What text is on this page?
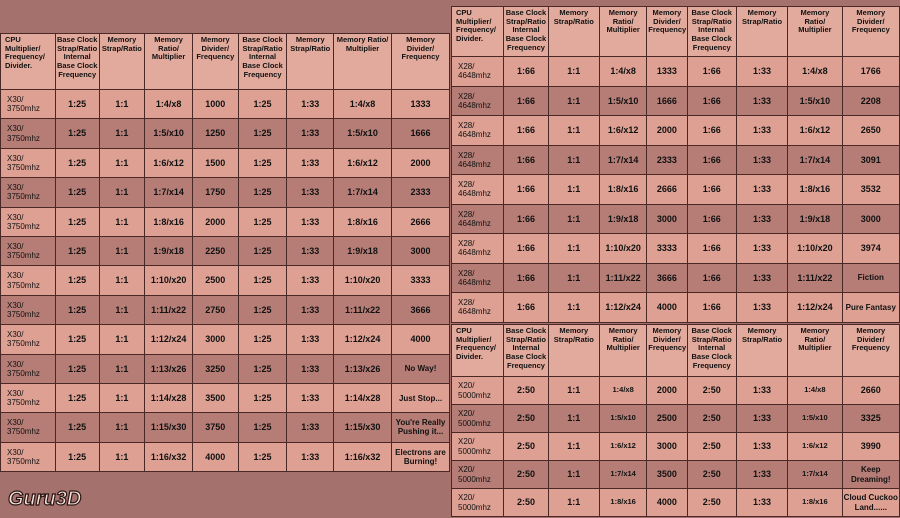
CPU Multiplier/ Frequency/ Divider.	Base Clock Strap/Ratio Internal Base Clock Frequency	Memory Strap/Ratio	Memory Ratio/ Multiplier	Memory Divider/ Frequency	Base Clock Strap/Ratio Internal Base Clock Frequency	Memory Strap/Ratio	Memory Ratio/ Multiplier	Memory Divider/ Frequency
X30/ 3750mhz	1:25	1:1	1:4/x8	1000	1:25	1:33	1:4/x8	1333
X30/ 3750mhz	1:25	1:1	1:5/x10	1250	1:25	1:33	1:5/x10	1666
X30/ 3750mhz	1:25	1:1	1:6/x12	1500	1:25	1:33	1:6/x12	2000
X30/ 3750mhz	1:25	1:1	1:7/x14	1750	1:25	1:33	1:7/x14	2333
X30/ 3750mhz	1:25	1:1	1:8/x16	2000	1:25	1:33	1:8/x16	2666
X30/ 3750mhz	1:25	1:1	1:9/x18	2250	1:25	1:33	1:9/x18	3000
X30/ 3750mhz	1:25	1:1	1:10/x20	2500	1:25	1:33	1:10/x20	3333
X30/ 3750mhz	1:25	1:1	1:11/x22	2750	1:25	1:33	1:11/x22	3666
X30/ 3750mhz	1:25	1:1	1:12/x24	3000	1:25	1:33	1:12/x24	4000
X30/ 3750mhz	1:25	1:1	1:13/x26	3250	1:25	1:33	1:13/x26	No Way!
X30/ 3750mhz	1:25	1:1	1:14/x28	3500	1:25	1:33	1:14/x28	Just Stop...
X30/ 3750mhz	1:25	1:1	1:15/x30	3750	1:25	1:33	1:15/x30	You're Really Pushing it...
X30/ 3750mhz	1:25	1:1	1:16/x32	4000	1:25	1:33	1:16/x32	Electrons are Burning!
CPU Multiplier/ Frequency/ Divider.	Base Clock Strap/Ratio Internal Base Clock Frequency	Memory Strap/Ratio	Memory Ratio/ Multiplier	Memory Divider/ Frequency	Base Clock Strap/Ratio Internal Base Clock Frequency	Memory Strap/Ratio	Memory Ratio/ Multiplier	Memory Divider/ Frequency
X28/ 4648mhz	1:66	1:1	1:4/x8	1333	1:66	1:33	1:4/x8	1766
X28/ 4648mhz	1:66	1:1	1:5/x10	1666	1:66	1:33	1:5/x10	2208
X28/ 4648mhz	1:66	1:1	1:6/x12	2000	1:66	1:33	1:6/x12	2650
X28/ 4648mhz	1:66	1:1	1:7/x14	2333	1:66	1:33	1:7/x14	3091
X28/ 4648mhz	1:66	1:1	1:8/x16	2666	1:66	1:33	1:8/x16	3532
X28/ 4648mhz	1:66	1:1	1:9/x18	3000	1:66	1:33	1:9/x18	3000
X28/ 4648mhz	1:66	1:1	1:10/x20	3333	1:66	1:33	1:10/x20	3974
X28/ 4648mhz	1:66	1:1	1:11/x22	3666	1:66	1:33	1:11/x22	Fiction
X28/ 4648mhz	1:66	1:1	1:12/x24	4000	1:66	1:33	1:12/x24	Pure Fantasy
CPU Multiplier/ Frequency/ Divider.	Base Clock Strap/Ratio Internal Base Clock Frequency	Memory Strap/Ratio	Memory Ratio/ Multiplier	Memory Divider/ Frequency	Base Clock Strap/Ratio Internal Base Clock Frequency	Memory Strap/Ratio	Memory Ratio/ Multiplier	Memory Divider/ Frequency
X20/ 5000mhz	2:50	1:1	1:4/x8	2000	2:50	1:33	1:4/x8	2660
X20/ 5000mhz	2:50	1:1	1:5/x10	2500	2:50	1:33	1:5/x10	3325
X20/ 5000mhz	2:50	1:1	1:6/x12	3000	2:50	1:33	1:6/x12	3990
X20/ 5000mhz	2:50	1:1	1:7/x14	3500	2:50	1:33	1:7/x14	Keep Dreaming!
X20/ 5000mhz	2:50	1:1	1:8/x16	4000	2:50	1:33	1:8/x16	Cloud Cuckoo Land......
Guru3D
